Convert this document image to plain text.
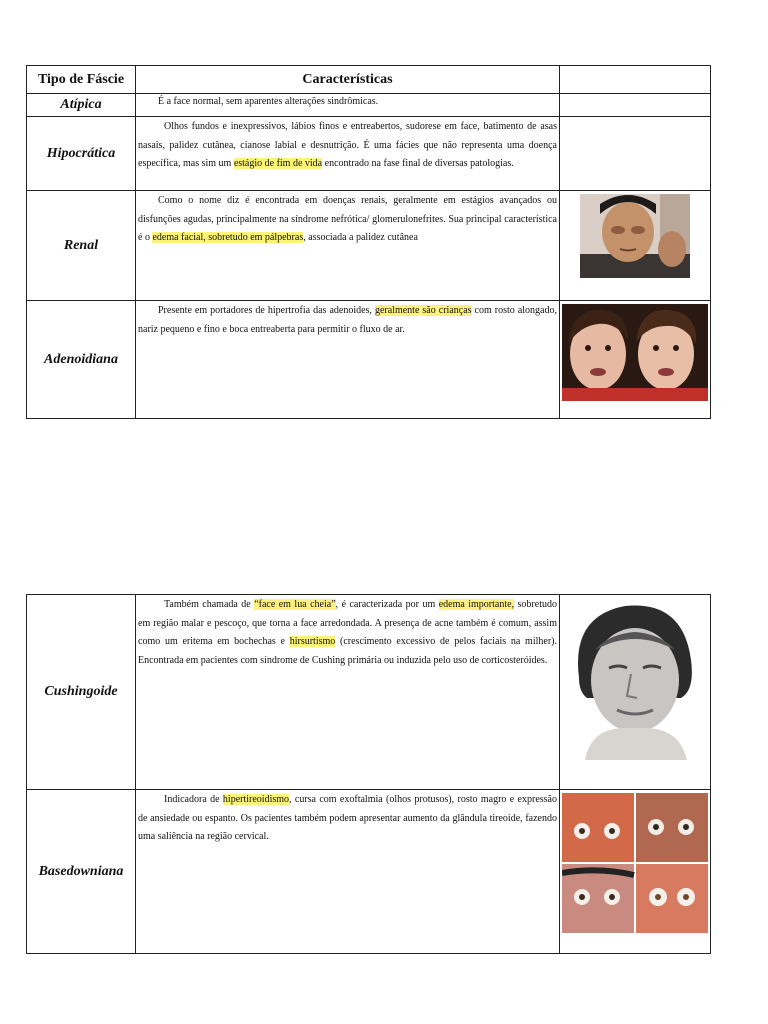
Tipo de Fáscie	Características	
Atípica	É a face normal, sem aparentes alterações sindrômicas.	

Hipocrática	Olhos fundos e inexpressivos, lábios finos e entreabertos, sudorese em face, batimento de asas nasais, palidez cutânea, cianose labial e desnutrição. É uma fácies que não representa uma doença específica, mas sim um estágio de fim de vida encontrado na fase final de diversas patologias.	

Renal	Como o nome diz é encontrada em doenças renais, geralmente em estágios avançados ou disfunções agudas, principalmente na síndrome nefrótica/ glomerulonefrites. Sua principal característica é o edema facial, sobretudo em pálpebras, associada a palidez cutânea

Adenoidiana	Presente em portadores de hipertrofia das adenoides, geralmente são crianças com rosto alongado, nariz pequeno e fino e boca entreaberta para permitir o fluxo de ar.

Cushingoide	Também chamada de “face em lua cheia”, é caracterizada por um edema importante, sobretudo em região malar e pescoço, que torna a face arredondada. A presença de acne também é comum, assim como um eritema em bochechas e hirsurtismo (crescimento excessivo de pelos faciais na milher). Encontrada em pacientes com síndrome de Cushing primária ou induzida pelo uso de corticosteróides.

Basedowniana	Indicadora de hipertireoidismo, cursa com exoftalmia (olhos protusos), rosto magro e expressão de ansiedade ou espanto. Os pacientes também podem apresentar aumento da glândula tireoide, fazendo uma saliência na região cervical.
